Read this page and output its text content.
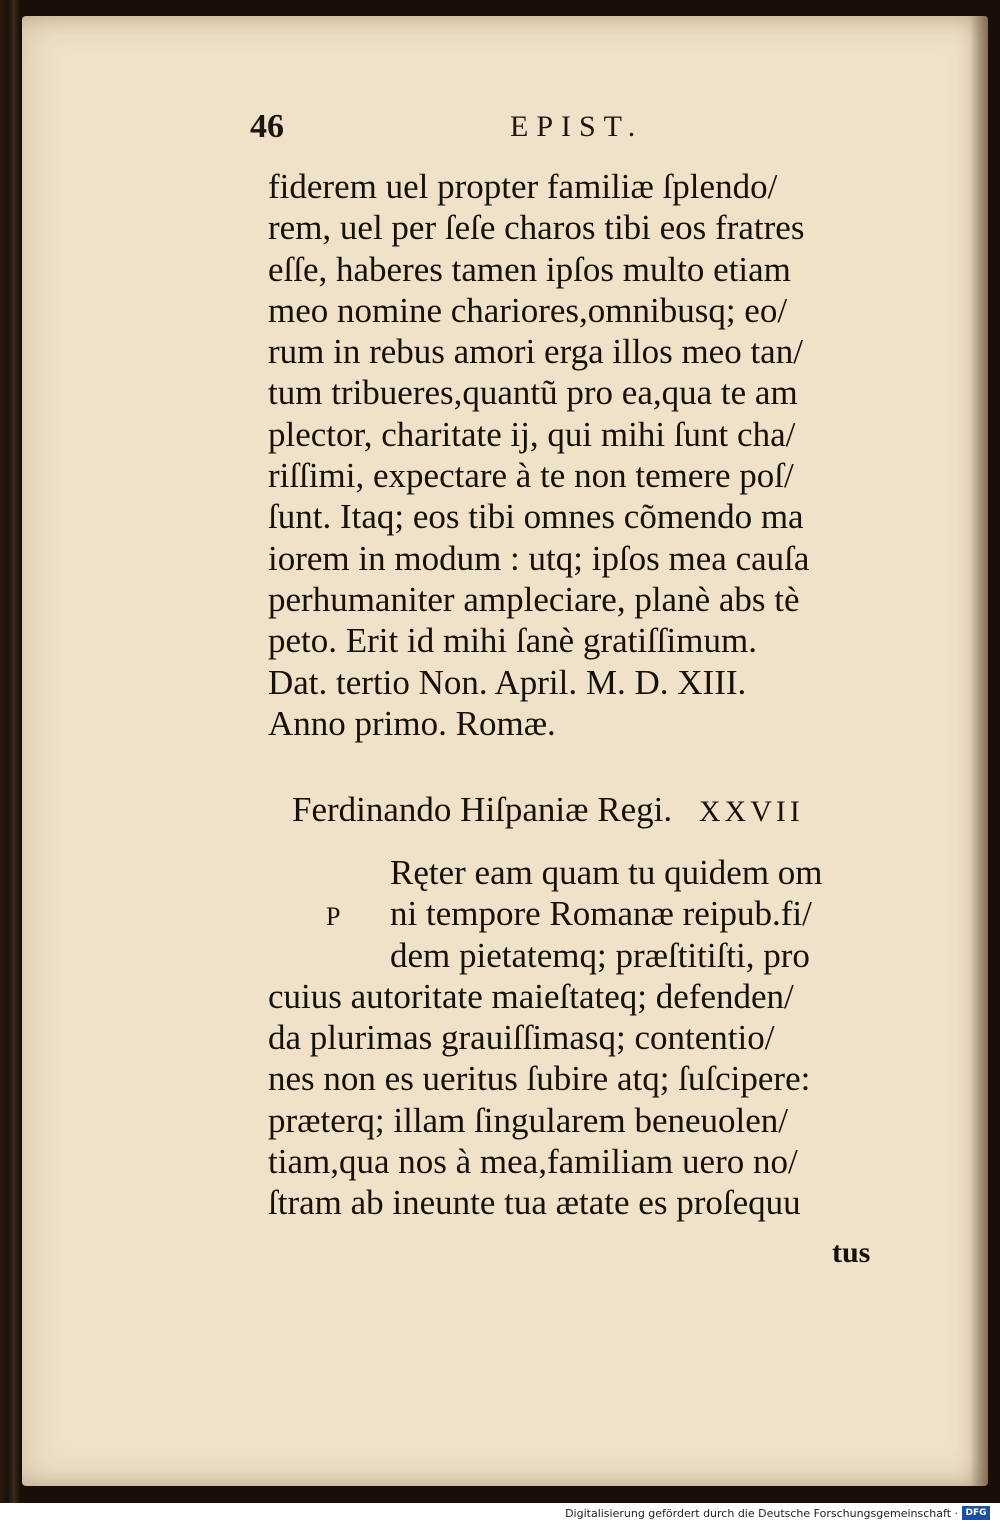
46	EPIST.
fiderem uel propter familiæ ſplendo/
rem, uel per ſeſe charos tibi eos fratres
eſſe, haberes tamen ipſos multo etiam
meo nomine chariores,omnibusq; eo/
rum in rebus amori erga illos meo tan/
tum tribueres,quantũ pro ea,qua te am
plector, charitate ij, qui mihi ſunt cha/
riſſimi, expectare à te non temere poſ/
ſunt. Itaq; eos tibi omnes cõmendo ma
iorem in modum : utq; ipſos mea cauſa
perhumaniter ampleciare, planè abs tè
peto. Erit id mihi ſanè gratiſſimum.
Dat. tertio Non. April. M. D. XIII.
Anno primo. Romæ.
Ferdinando Hiſpaniæ Regi. XXVII
P
Ręter eam quam tu quidem om
ni tempore Romanæ reipub.fi/
dem pietatemq; præſtitiſti, pro
cuius autoritate maieſtateq; defenden/
da plurimas grauiſſimasq; contentio/
nes non es ueritus ſubire atq; ſuſcipere:
præterq; illam ſingularem beneuolen/
tiam,qua nos à mea,familiam uero no/
ſtram ab ineunte tua ætate es proſequu
tus
Digitalisierung gefördert durch die Deutsche Forschungsgemeinschaft · DFG
